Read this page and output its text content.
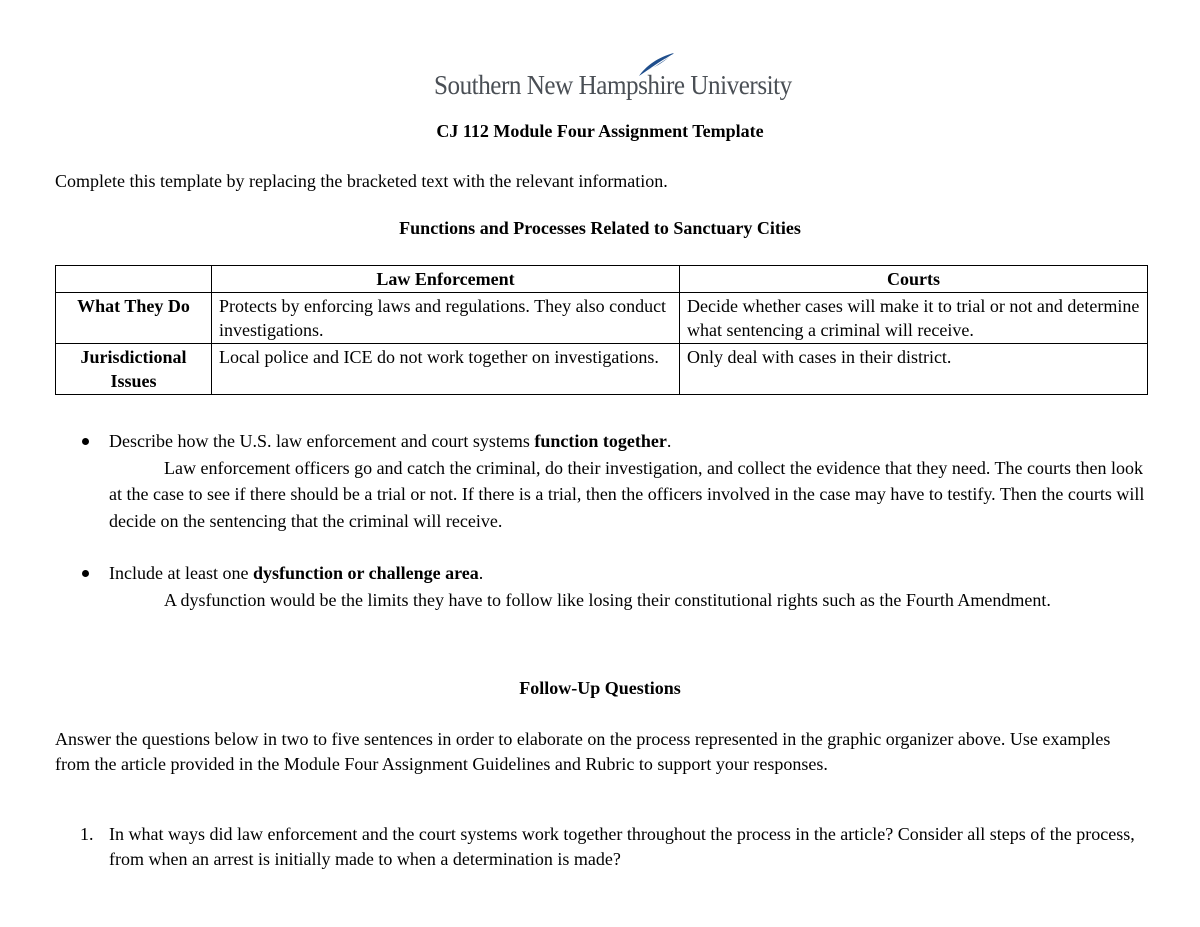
Southern New Hampshire University
CJ 112 Module Four Assignment Template
Complete this template by replacing the bracketed text with the relevant information.
Functions and Processes Related to Sanctuary Cities
	Law Enforcement	Courts
What They Do	Protects by enforcing laws and regulations. They also conduct investigations.	Decide whether cases will make it to trial or not and determine what sentencing a criminal will receive.
Jurisdictional Issues	Local police and ICE do not work together on investigations.	Only deal with cases in their district.
Describe how the U.S. law enforcement and court systems function together.
Law enforcement officers go and catch the criminal, do their investigation, and collect the evidence that they need. The courts then look at the case to see if there should be a trial or not. If there is a trial, then the officers involved in the case may have to testify. Then the courts will decide on the sentencing that the criminal will receive.
Include at least one dysfunction or challenge area.
A dysfunction would be the limits they have to follow like losing their constitutional rights such as the Fourth Amendment.
Follow-Up Questions
Answer the questions below in two to five sentences in order to elaborate on the process represented in the graphic organizer above. Use examples from the article provided in the Module Four Assignment Guidelines and Rubric to support your responses.
1. In what ways did law enforcement and the court systems work together throughout the process in the article? Consider all steps of the process, from when an arrest is initially made to when a determination is made?
